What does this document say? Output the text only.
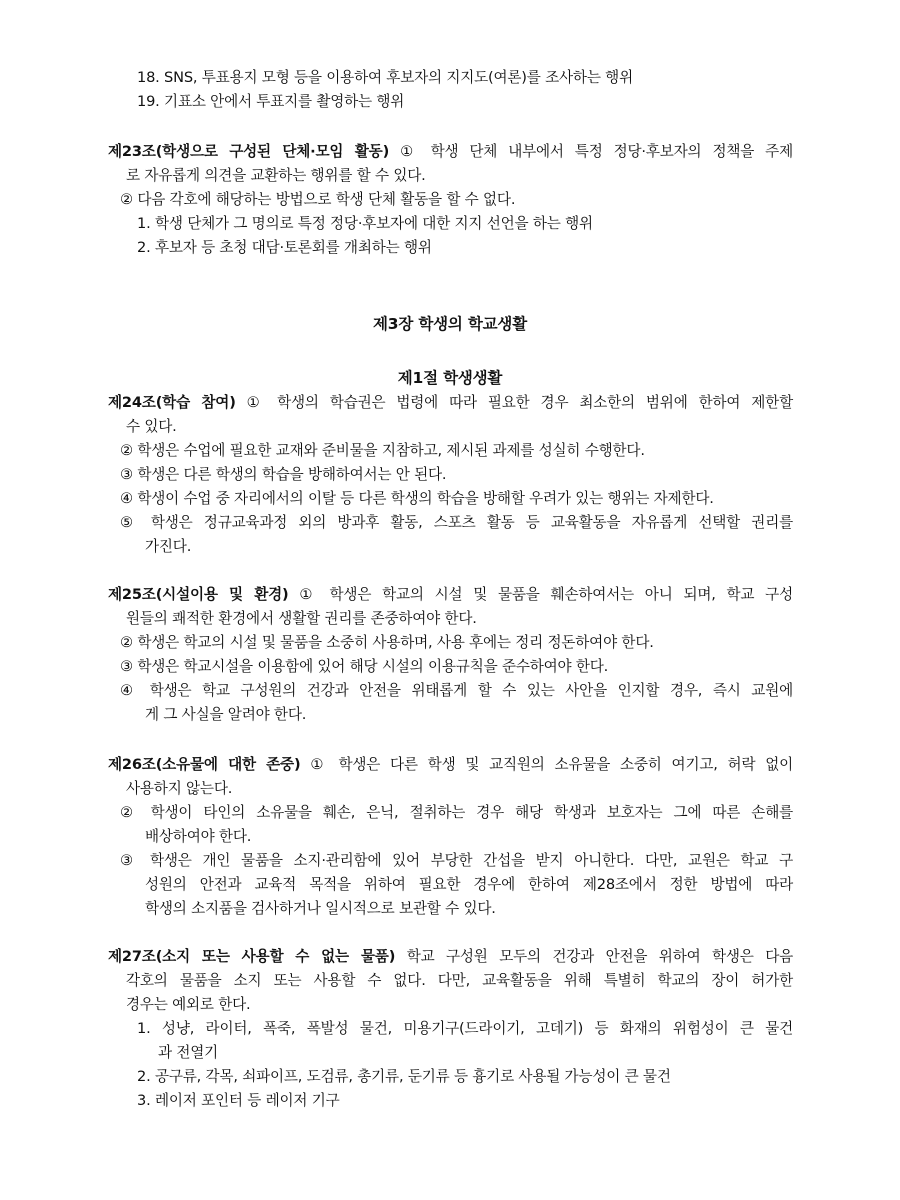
18. SNS, 투표용지 모형 등을 이용하여 후보자의 지지도(여론)를 조사하는 행위
19. 기표소 안에서 투표지를 촬영하는 행위
제23조(학생으로 구성된 단체·모임 활동) ① 학생 단체 내부에서 특정 정당·후보자의 정책을 주제
로 자유롭게 의견을 교환하는 행위를 할 수 있다.
② 다음 각호에 해당하는 방법으로 학생 단체 활동을 할 수 없다.
1. 학생 단체가 그 명의로 특정 정당·후보자에 대한 지지 선언을 하는 행위
2. 후보자 등 초청 대담·토론회를 개최하는 행위
제3장 학생의 학교생활
제1절 학생생활
제24조(학습 참여) ① 학생의 학습권은 법령에 따라 필요한 경우 최소한의 범위에 한하여 제한할
수 있다.
② 학생은 수업에 필요한 교재와 준비물을 지참하고, 제시된 과제를 성실히 수행한다.
③ 학생은 다른 학생의 학습을 방해하여서는 안 된다.
④ 학생이 수업 중 자리에서의 이탈 등 다른 학생의 학습을 방해할 우려가 있는 행위는 자제한다.
⑤ 학생은 정규교육과정 외의 방과후 활동, 스포츠 활동 등 교육활동을 자유롭게 선택할 권리를
가진다.
제25조(시설이용 및 환경) ① 학생은 학교의 시설 및 물품을 훼손하여서는 아니 되며, 학교 구성
원들의 쾌적한 환경에서 생활할 권리를 존중하여야 한다.
② 학생은 학교의 시설 및 물품을 소중히 사용하며, 사용 후에는 정리 정돈하여야 한다.
③ 학생은 학교시설을 이용함에 있어 해당 시설의 이용규칙을 준수하여야 한다.
④ 학생은 학교 구성원의 건강과 안전을 위태롭게 할 수 있는 사안을 인지할 경우, 즉시 교원에
게 그 사실을 알려야 한다.
제26조(소유물에 대한 존중) ① 학생은 다른 학생 및 교직원의 소유물을 소중히 여기고, 허락 없이
사용하지 않는다.
② 학생이 타인의 소유물을 훼손, 은닉, 절취하는 경우 해당 학생과 보호자는 그에 따른 손해를
배상하여야 한다.
③ 학생은 개인 물품을 소지·관리함에 있어 부당한 간섭을 받지 아니한다. 다만, 교원은 학교 구
성원의 안전과 교육적 목적을 위하여 필요한 경우에 한하여 제28조에서 정한 방법에 따라
학생의 소지품을 검사하거나 일시적으로 보관할 수 있다.
제27조(소지 또는 사용할 수 없는 물품) 학교 구성원 모두의 건강과 안전을 위하여 학생은 다음
각호의 물품을 소지 또는 사용할 수 없다. 다만, 교육활동을 위해 특별히 학교의 장이 허가한
경우는 예외로 한다.
1. 성냥, 라이터, 폭죽, 폭발성 물건, 미용기구(드라이기, 고데기) 등 화재의 위험성이 큰 물건
과 전열기
2. 공구류, 각목, 쇠파이프, 도검류, 총기류, 둔기류 등 흉기로 사용될 가능성이 큰 물건
3. 레이저 포인터 등 레이저 기구
